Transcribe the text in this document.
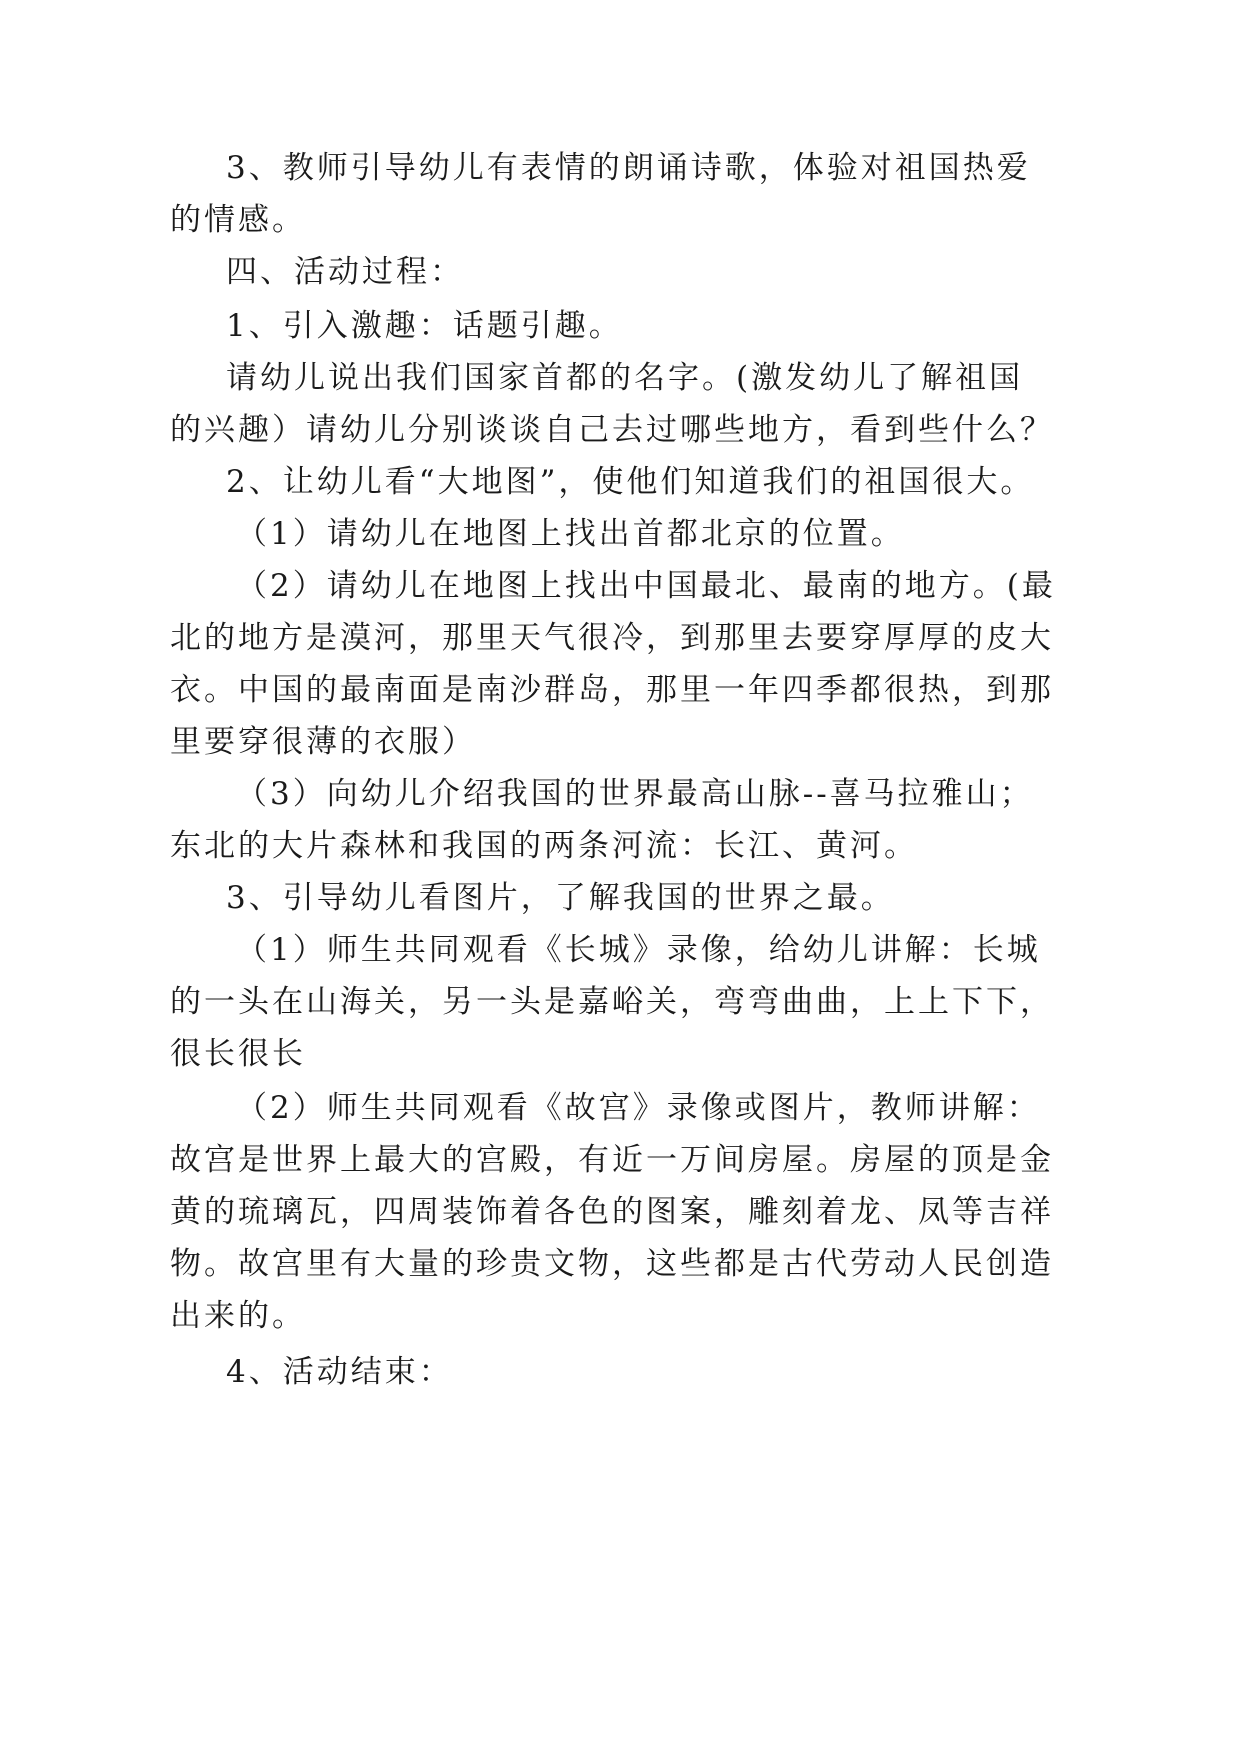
3、教师引导幼儿有表情的朗诵诗歌，体验对祖国热爱

的情感。

四、活动过程：

1、引入激趣：话题引趣。

请幼儿说出我们国家首都的名字。(激发幼儿了解祖国

的兴趣）请幼儿分别谈谈自己去过哪些地方，看到些什么？

2、让幼儿看“大地图”，使他们知道我们的祖国很大。

（1）请幼儿在地图上找出首都北京的位置。

（2）请幼儿在地图上找出中国最北、最南的地方。(最

北的地方是漠河，那里天气很冷，到那里去要穿厚厚的皮大

衣。中国的最南面是南沙群岛，那里一年四季都很热，到那

里要穿很薄的衣服）

（3）向幼儿介绍我国的世界最高山脉--喜马拉雅山；

东北的大片森林和我国的两条河流：长江、黄河。

3、引导幼儿看图片，了解我国的世界之最。

（1）师生共同观看《长城》录像，给幼儿讲解：长城

的一头在山海关，另一头是嘉峪关，弯弯曲曲，上上下下，

很长很长

（2）师生共同观看《故宫》录像或图片，教师讲解：

故宫是世界上最大的宫殿，有近一万间房屋。房屋的顶是金

黄的琉璃瓦，四周装饰着各色的图案，雕刻着龙、凤等吉祥

物。故宫里有大量的珍贵文物，这些都是古代劳动人民创造

出来的。

4、活动结束：
